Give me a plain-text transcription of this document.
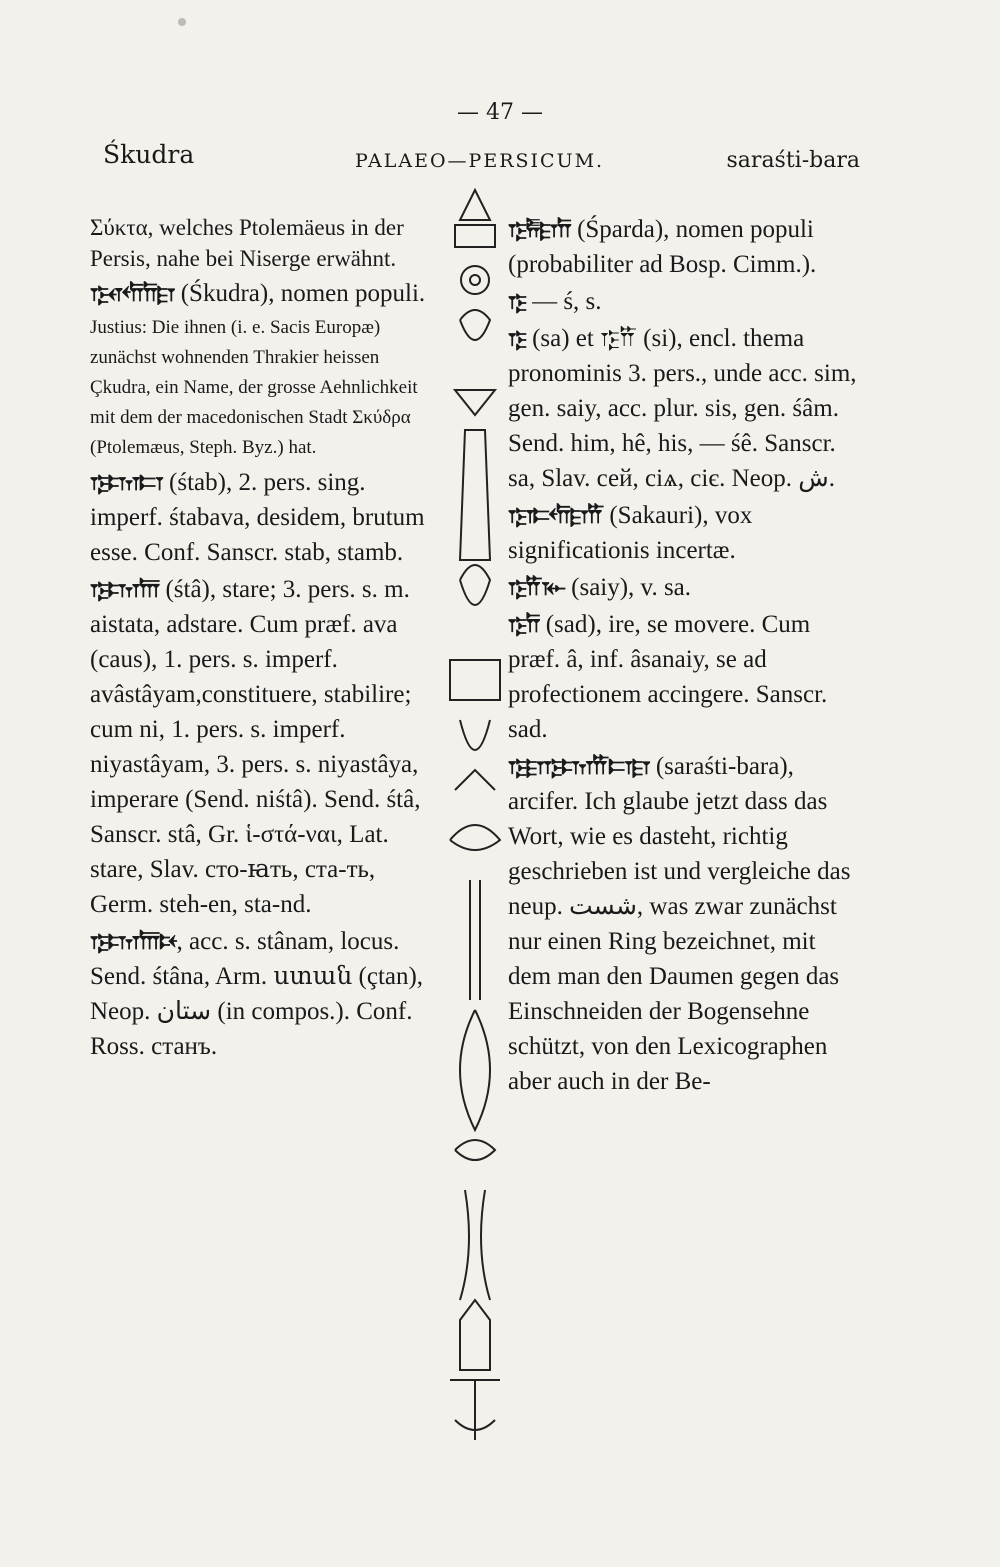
— 47 —
Śkudra	PALAEO—PERSICUM.	saraśti-bara

Σύκτα, welches Ptolemäeus in der Persis, nahe bei Niserge erwähnt.

𐎿𐎤𐎢𐎭𐎼 (Śkudra), nomen populi.

Justius: Die ihnen (i. e. Sacis Europæ) zunächst wohnenden Thrakier heissen Çkudra, ein Name, der grosse Aehnlichkeit mit dem der macedonischen Stadt Σκύδρα (Ptolemæus, Steph. Byz.) hat.

𐎿𐎫𐎲 (śtab), 2. pers. sing. imperf. śtabava, desidem, brutum esse. Conf. Sanscr. stab, stamb.

𐎿𐎫𐎠 (śtâ), stare; 3. pers. s. m. aistata, adstare. Cum præf. ava (caus), 1. pers. s. imperf. avâstâyam,constituere, stabilire; cum ni, 1. pers. s. imperf. niyastâyam, 3. pers. s. niyastâya, imperare (Send. niśtâ). Send. śtâ, Sanscr. stâ, Gr. ἱ-στά-ναι, Lat. stare, Slav. сто-ꙗть, ста-ть, Germ. steh-en, sta-nd.

𐎿𐎫𐎠𐎴, acc. s. stânam, locus. Send. śtâna, Arm. ստան (çtan), Neop. ستان (in compos.). Conf. Ross. станъ.

𐎿𐎱𐎼𐎭 (Śparda), nomen populi (probabiliter ad Bosp. Cimm.).

𐎿 — ś, s.

𐎿 (sa) et 𐎿𐎡 (si), encl. thema pronominis 3. pers., unde acc. sim, gen. saiy, acc. plur. sis, gen. śâm. Send. him, hê, his, — śê. Sanscr. sa, Slav. сей, сіѧ, сіє. Neop. ش.

𐎿𐎣𐎢𐎼𐎡 (Sakauri), vox significationis incertæ.

𐎿𐎡𐎹 (saiy), v. sa.

𐎿𐎭 (sad), ire, se movere. Cum præf. â, inf. âsanaiy, se ad profectionem accingere. Sanscr. sad.

𐎿𐎼𐎿𐎫𐎡𐎲𐎼 (saraśti-bara), arcifer. Ich glaube jetzt dass das Wort, wie es dasteht, richtig geschrieben ist und vergleiche das neup. شست, was zwar zunächst nur einen Ring bezeichnet, mit dem man den Daumen gegen das Einschneiden der Bogensehne schützt, von den Lexicographen aber auch in der Be-
